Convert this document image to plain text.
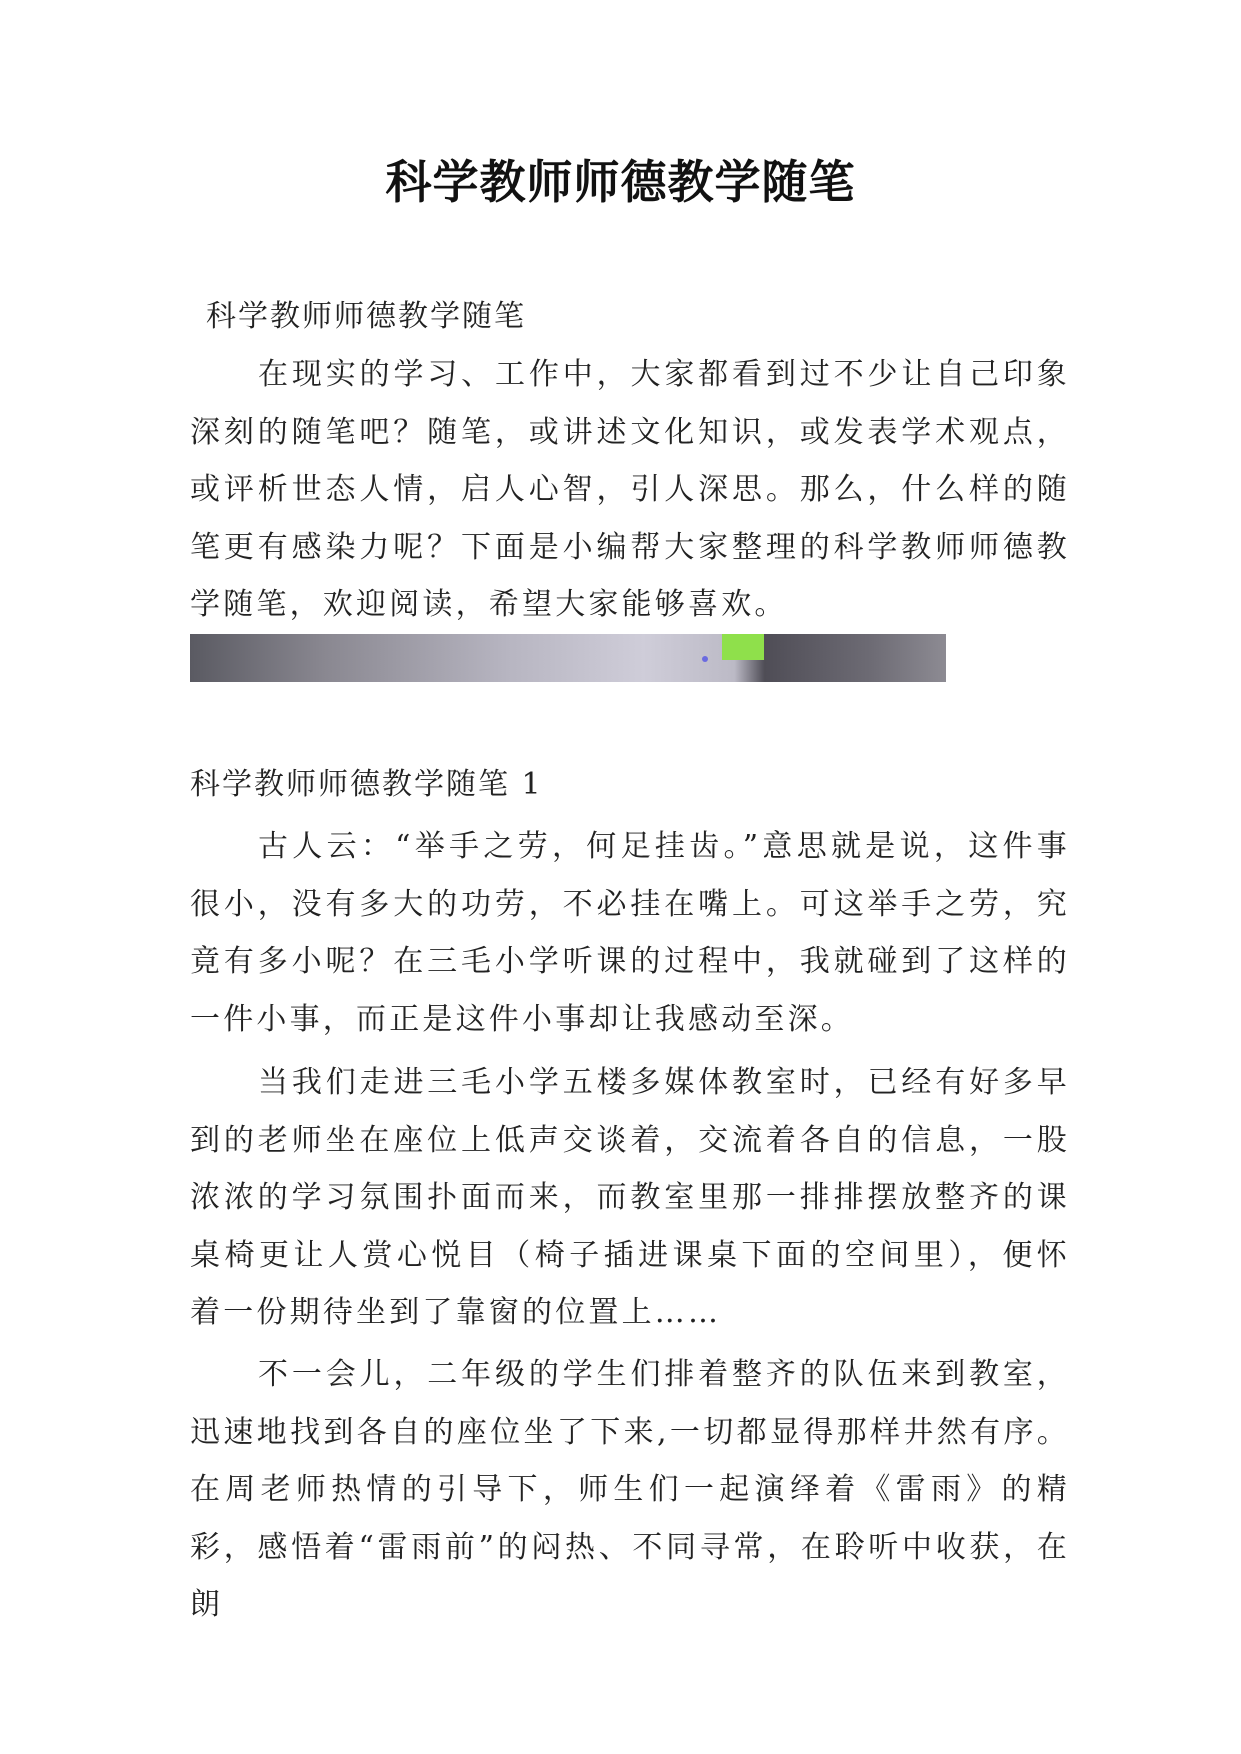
科学教师师德教学随笔
科学教师师德教学随笔

在现实的学习、工作中，大家都看到过不少让自己印象深刻的随笔吧？随笔，或讲述文化知识，或发表学术观点，或评析世态人情，启人心智，引人深思。那么，什么样的随笔更有感染力呢？下面是小编帮大家整理的科学教师师德教学随笔，欢迎阅读，希望大家能够喜欢。

科学教师师德教学随笔 1

古人云：“举手之劳，何足挂齿。”意思就是说，这件事很小，没有多大的功劳，不必挂在嘴上。可这举手之劳，究竟有多小呢？在三毛小学听课的过程中，我就碰到了这样的一件小事，而正是这件小事却让我感动至深。

当我们走进三毛小学五楼多媒体教室时，已经有好多早到的老师坐在座位上低声交谈着，交流着各自的信息，一股浓浓的学习氛围扑面而来，而教室里那一排排摆放整齐的课桌椅更让人赏心悦目（椅子插进课桌下面的空间里），便怀着一份期待坐到了靠窗的位置上……

不一会儿，二年级的学生们排着整齐的队伍来到教室，迅速地找到各自的座位坐了下来,一切都显得那样井然有序。在周老师热情的引导下，师生们一起演绎着《雷雨》的精彩，感悟着“雷雨前”的闷热、不同寻常，在聆听中收获，在朗
